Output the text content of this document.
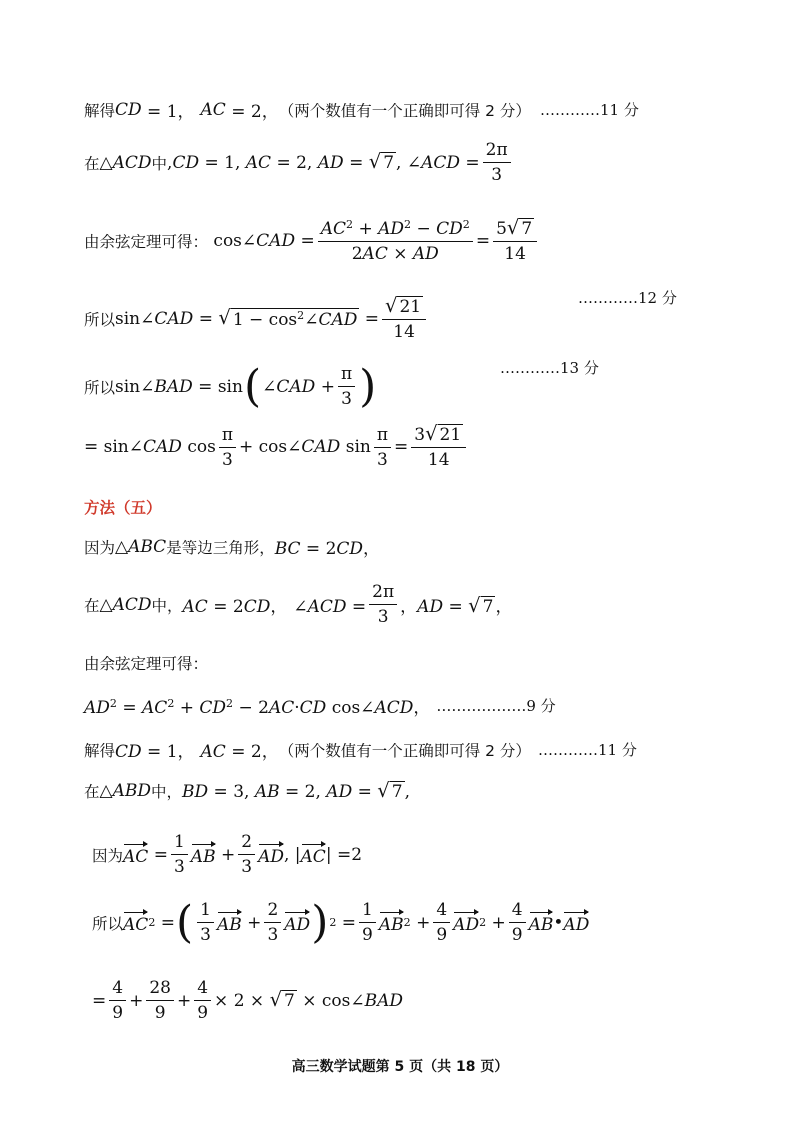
解得 CD = 1， AC = 2， （两个数值有一个正确即可得 2 分） …………11 分
在 △ACD 中 , CD = 1, AC = 2, AD = √ 7 , ∠ ACD = $\frac{2\pi}{3}$
由余弦定理可得： cos∠CAD = $\frac{AC^2 + AD^2 - CD^2}{2AC \times AD} = \frac{5 √ 7}{14}$
…………12 分
所以 sin∠CAD = √ $1 - \cos^2\angle CAD = \frac{√ 21}{14}$
…………13 分
所以 sin∠BAD = sin ( ∠CAD + $\frac{\pi}{3}$ )
= sin∠CAD $\cos \frac{\pi}{3}$ + cos∠CAD $\sin \frac{\pi}{3} = \frac{3 √ 21}{14}$
方法（五）
因为 △ABC 是等边三角形， BC = 2CD，
在 △ACD 中， AC = 2CD， ∠ACD = $\frac{2\pi}{3}$ ，AD = √ 7 ，
由余弦定理可得：
$AD^2 = AC^2 + CD^2 - 2AC\cdot CD$ cos∠ACD， ………………9 分
解得 CD = 1， AC = 2， （两个数值有一个正确即可得 2 分） …………11 分
在 △ABD 中， BD = 3, AB = 2, AD = √ 7 ,
因为 AC = $\frac{1}{3}$ AB + $\frac{2}{3}$ AD , | AC | =2
所以 AC 2 = ( $\frac{1}{3}$ AB + $\frac{2}{3}$ AD ) $2 = \frac{1}{9}$ AB $2 + \frac{4}{9}$ AD $2 + \frac{4}{9}$ AB • AD
= $\frac{4}{9} + \frac{28}{9} + \frac{4}{9} \times 2$ × √ 7 × cos∠BAD
高三数学试题第 5 页（共 18 页）
